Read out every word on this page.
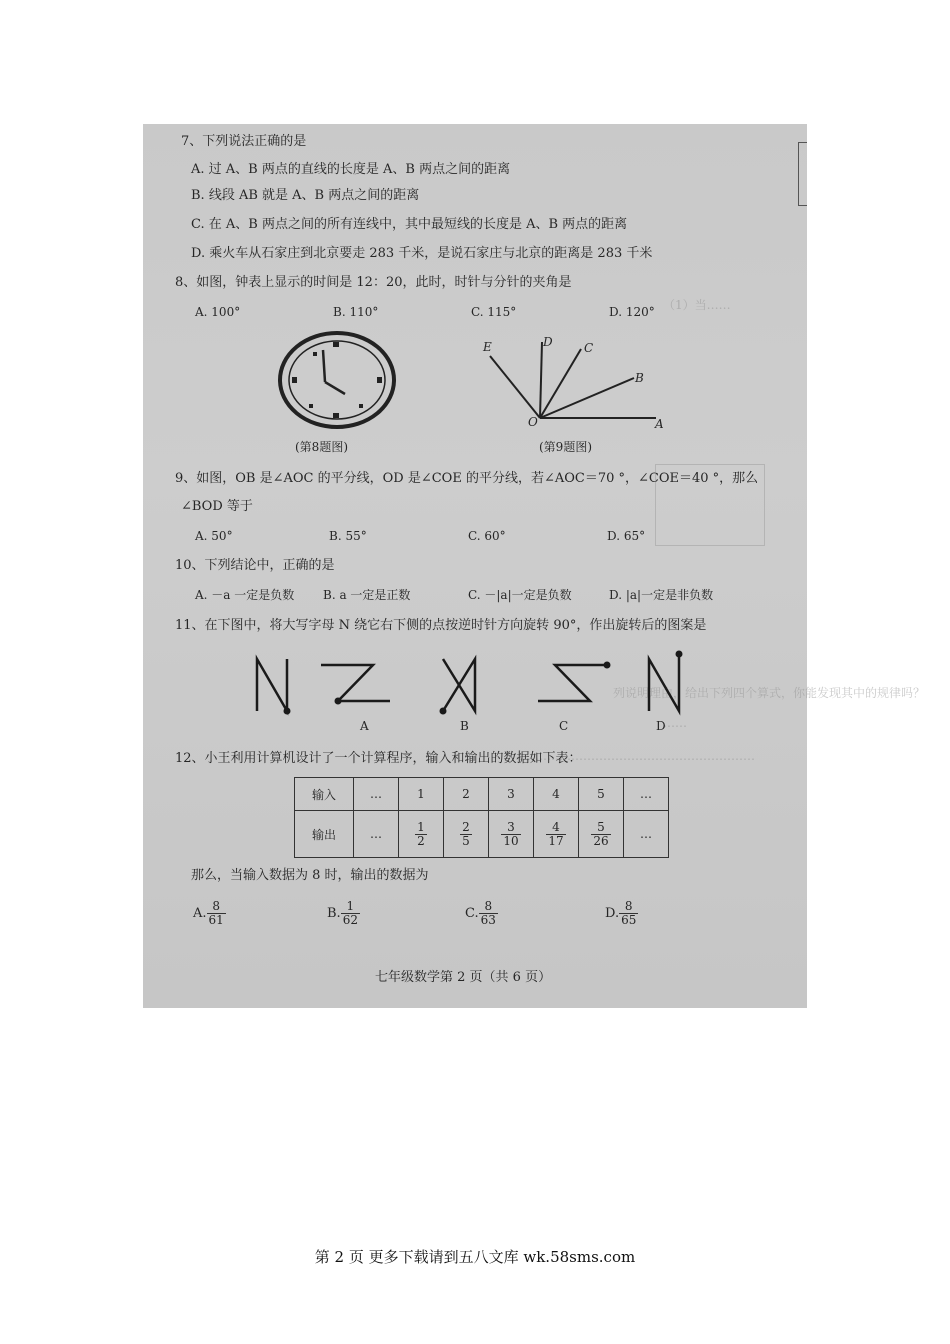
（1）当……
列说明理由，给出下列四个算式，你能发现其中的规律吗？
……
………………………………………………………
7、下列说法正确的是
A. 过 A、B 两点的直线的长度是 A、B 两点之间的距离
B. 线段 AB 就是 A、B 两点之间的距离
C. 在 A、B 两点之间的所有连线中，其中最短线的长度是 A、B 两点的距离
D. 乘火车从石家庄到北京要走 283 千米，是说石家庄与北京的距离是 283 千米
8、如图，钟表上显示的时间是 12：20，此时，时针与分针的夹角是
A. 100°	B. 110°	C. 115°	D. 120°
(第8题图)
E	D	C
B
O	A
(第9题图)
9、如图，OB 是∠AOC 的平分线，OD 是∠COE 的平分线，若∠AOC＝70 °，∠COE＝40 °，那么
∠BOD 等于
A. 50°	B. 55°	C. 60°	D. 65°
10、下列结论中，正确的是
A. －a 一定是负数 B. a 一定是正数	C. －|a|一定是负数	D. |a|一定是非负数
11、在下图中，将大写字母 N 绕它右下侧的点按逆时针方向旋转 90°，作出旋转后的图案是
A	B	C	D
12、小王利用计算机设计了一个计算程序，输入和输出的数据如下表：
输入	…	1	2	3	4	5	…
输出	…	$\frac{1}{2}$	$\frac{2}{5}$	$\frac{3}{10}$	$\frac{4}{17}$	$\frac{5}{26}$	…
那么，当输入数据为 8 时，输出的数据为
A. $\frac{8}{61}$	B. $\frac{1}{62}$	C. $\frac{8}{63}$	D. $\frac{8}{65}$
七年级数学第 2 页（共 6 页）
第 2 页 更多下载请到五八文库 wk.58sms.com
